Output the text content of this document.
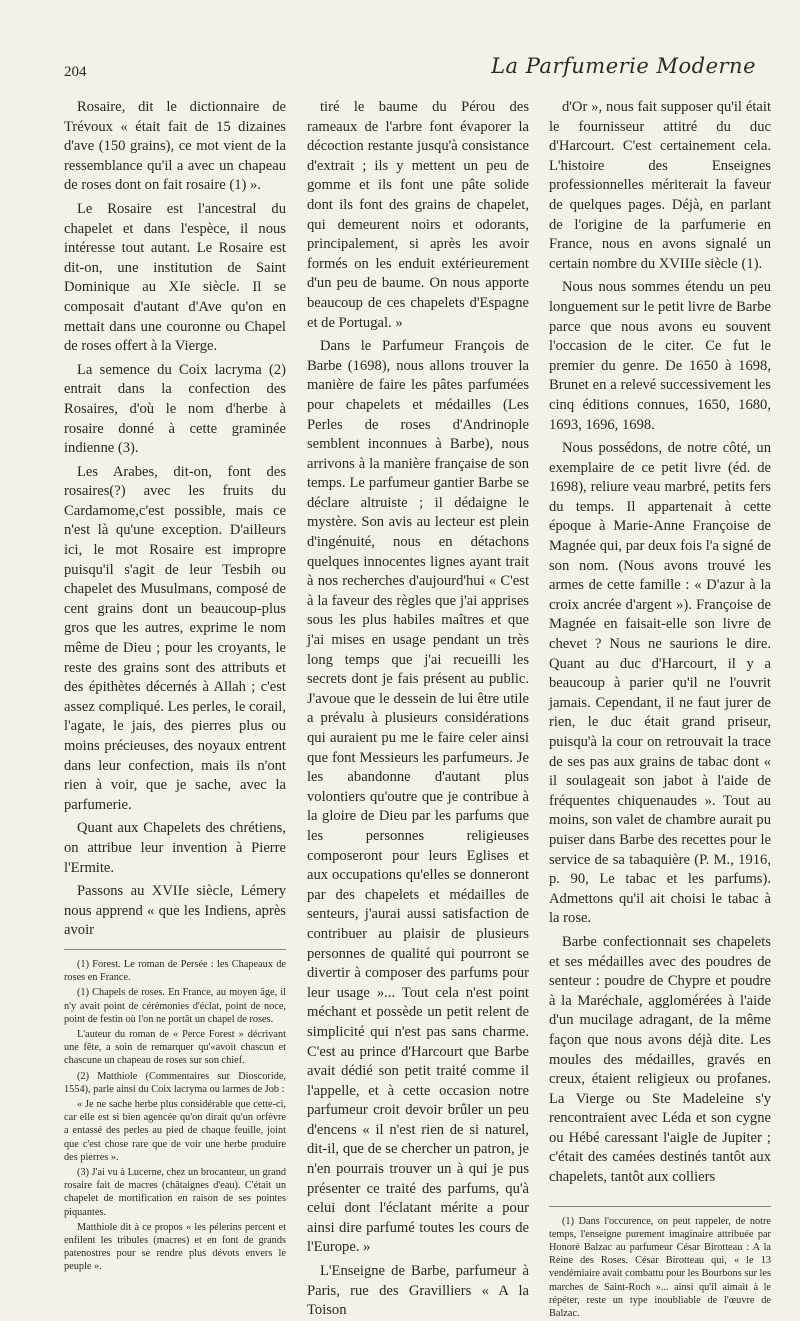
204	La Parfumerie Moderne

Rosaire, dit le dictionnaire de Trévoux « était fait de 15 dizaines d'ave (150 grains), ce mot vient de la ressemblance qu'il a avec un chapeau de roses dont on fait rosaire (1) ».

Le Rosaire est l'ancestral du chapelet et dans l'espèce, il nous intéresse tout autant. Le Rosaire est dit-on, une institution de Saint Dominique au XIe siècle. Il se composait d'autant d'Ave qu'on en mettait dans une couronne ou Chapel de roses offert à la Vierge.

La semence du Coix lacryma (2) entrait dans la confection des Rosaires, d'où le nom d'herbe à rosaire donné à cette graminée indienne (3).

Les Arabes, dit-on, font des rosaires(?) avec les fruits du Cardamome,c'est possible, mais ce n'est là qu'une exception. D'ailleurs ici, le mot Rosaire est impropre puisqu'il s'agit de leur Tesbih ou chapelet des Musulmans, composé de cent grains dont un beaucoup-plus gros que les autres, exprime le nom même de Dieu ; pour les croyants, le reste des grains sont des attributs et des épithètes décernés à Allah ; c'est assez compliqué. Les perles, le corail, l'agate, le jais, des pierres plus ou moins précieuses, des noyaux entrent dans leur confection, mais ils n'ont rien à voir, que je sache, avec la parfumerie.

Quant aux Chapelets des chrétiens, on attribue leur invention à Pierre l'Ermite.

Passons au XVIIe siècle, Lémery nous apprend « que les Indiens, après avoir

(1) Forest. Le roman de Persée : les Chapeaux de roses en France.

(1) Chapels de roses. En France, au moyen âge, il n'y avait point de cérémonies d'éclat, point de noce, point de festin où l'on ne portât un chapel de roses.

L'auteur du roman de « Perce Forest » décrivant une fête, a soin de remarquer qu'«avoit chascun et chascune un chapeau de roses sur son chief.

(2) Matthiole (Commentaires sur Dioscoride, 1554), parle ainsi du Coix lacryma ou larmes de Job :

« Je ne sache herbe plus considérable que cette-ci, car elle est si bien agencée qu'on dirait qu'un orfèvre a entassé des perles au pied de chaque feuille, joint que c'est chose rare que de voir une herbe produire des pierres ».

(3) J'ai vu à Lucerne, chez un brocanteur, un grand rosaire fait de macres (châtaignes d'eau). C'était un chapelet de mortification en raison de ses pointes piquantes.

Matthiole dit à ce propos « les pélerins percent et enfilent les tribules (macres) et en font de grands patenostres pour se rendre plus dévots envers le peuple ».

tiré le baume du Pérou des rameaux de l'arbre font évaporer la décoction restante jusqu'à consistance d'extrait ; ils y mettent un peu de gomme et ils font une pâte solide dont ils font des grains de chapelet, qui demeurent noirs et odorants, principalement, si après les avoir formés on les enduit extérieurement d'un peu de baume. On nous apporte beaucoup de ces chapelets d'Espagne et de Portugal. »

Dans le Parfumeur François de Barbe (1698), nous allons trouver la manière de faire les pâtes parfumées pour chapelets et médailles (Les Perles de roses d'Andrinople semblent inconnues à Barbe), nous arrivons à la manière française de son temps. Le parfumeur gantier Barbe se déclare altruiste ; il dédaigne le mystère. Son avis au lecteur est plein d'ingénuité, nous en détachons quelques innocentes lignes ayant trait à nos recherches d'aujourd'hui « C'est à la faveur des règles que j'ai apprises sous les plus habiles maîtres et que j'ai mises en usage pendant un très long temps que j'ai recueilli les secrets dont je fais présent au public. J'avoue que le dessein de lui être utile a prévalu à plusieurs considérations qui auraient pu me le faire celer ainsi que font Messieurs les parfumeurs. Je les abandonne d'autant plus volontiers qu'outre que je contribue à la gloire de Dieu par les parfums que les personnes religieuses composeront pour leurs Eglises et aux occupations qu'elles se donneront par des chapelets et médailles de senteurs, j'aurai aussi satisfaction de contribuer au plaisir de plusieurs personnes de qualité qui pourront se divertir à composer des parfums pour leur usage »... Tout cela n'est point méchant et possède un petit relent de simplicité qui n'est pas sans charme. C'est au prince d'Harcourt que Barbe avait dédié son petit traité comme il l'appelle, et à cette occasion notre parfumeur croit devoir brûler un peu d'encens « il n'est rien de si naturel, dit-il, que de se chercher un patron, je n'en pourrais trouver un à qui je pus présenter ce traité des parfums, qu'à celui dont l'éclatant mérite a pour ainsi dire parfumé toutes les cours de l'Europe. »

L'Enseigne de Barbe, parfumeur à Paris, rue des Gravilliers « A la Toison

d'Or », nous fait supposer qu'il était le fournisseur attitré du duc d'Harcourt. C'est certainement cela. L'histoire des Enseignes professionnelles mériterait la faveur de quelques pages. Déjà, en parlant de l'origine de la parfumerie en France, nous en avons signalé un certain nombre du XVIIIe siècle (1).

Nous nous sommes étendu un peu longuement sur le petit livre de Barbe parce que nous avons eu souvent l'occasion de le citer. Ce fut le premier du genre. De 1650 à 1698, Brunet en a relevé successivement les cinq éditions connues, 1650, 1680, 1693, 1696, 1698.

Nous possédons, de notre côté, un exemplaire de ce petit livre (éd. de 1698), reliure veau marbré, petits fers du temps. Il appartenait à cette époque à Marie-Anne Françoise de Magnée qui, par deux fois l'a signé de son nom. (Nous avons trouvé les armes de cette famille : « D'azur à la croix ancrée d'argent »). Françoise de Magnée en faisait-elle son livre de chevet ? Nous ne saurions le dire. Quant au duc d'Harcourt, il y a beaucoup à parier qu'il ne l'ouvrit jamais. Cependant, il ne faut jurer de rien, le duc était grand priseur, puisqu'à la cour on retrouvait la trace de ses pas aux grains de tabac dont « il soulageait son jabot à l'aide de fréquentes chiquenaudes ». Tout au moins, son valet de chambre aurait pu puiser dans Barbe des recettes pour le service de sa tabaquière (P. M., 1916, p. 90, Le tabac et les parfums). Admettons qu'il ait choisi le tabac à la rose.

Barbe confectionnait ses chapelets et ses médailles avec des poudres de senteur : poudre de Chypre et poudre à la Maréchale, agglomérées à l'aide d'un mucilage adragant, de la même façon que nous avons déjà dite. Les moules des médailles, gravés en creux, étaient religieux ou profanes. La Vierge ou Ste Madeleine s'y rencontraient avec Léda et son cygne ou Hébé caressant l'aigle de Jupiter ; c'était des camées destinés tantôt aux chapelets, tantôt aux colliers

(1) Dans l'occurence, on peut rappeler, de notre temps, l'enseigne purement imaginaire attribuée par Honoré Balzac au parfumeur César Birotteau : A la Reine des Roses. César Birotteau qui, « le 13 vendémiaire avait combattu pour les Bourbons sur les marches de Saint-Roch »... ainsi qu'il aimait à le répéter, reste un type inoubliable de l'œuvre de Balzac.
